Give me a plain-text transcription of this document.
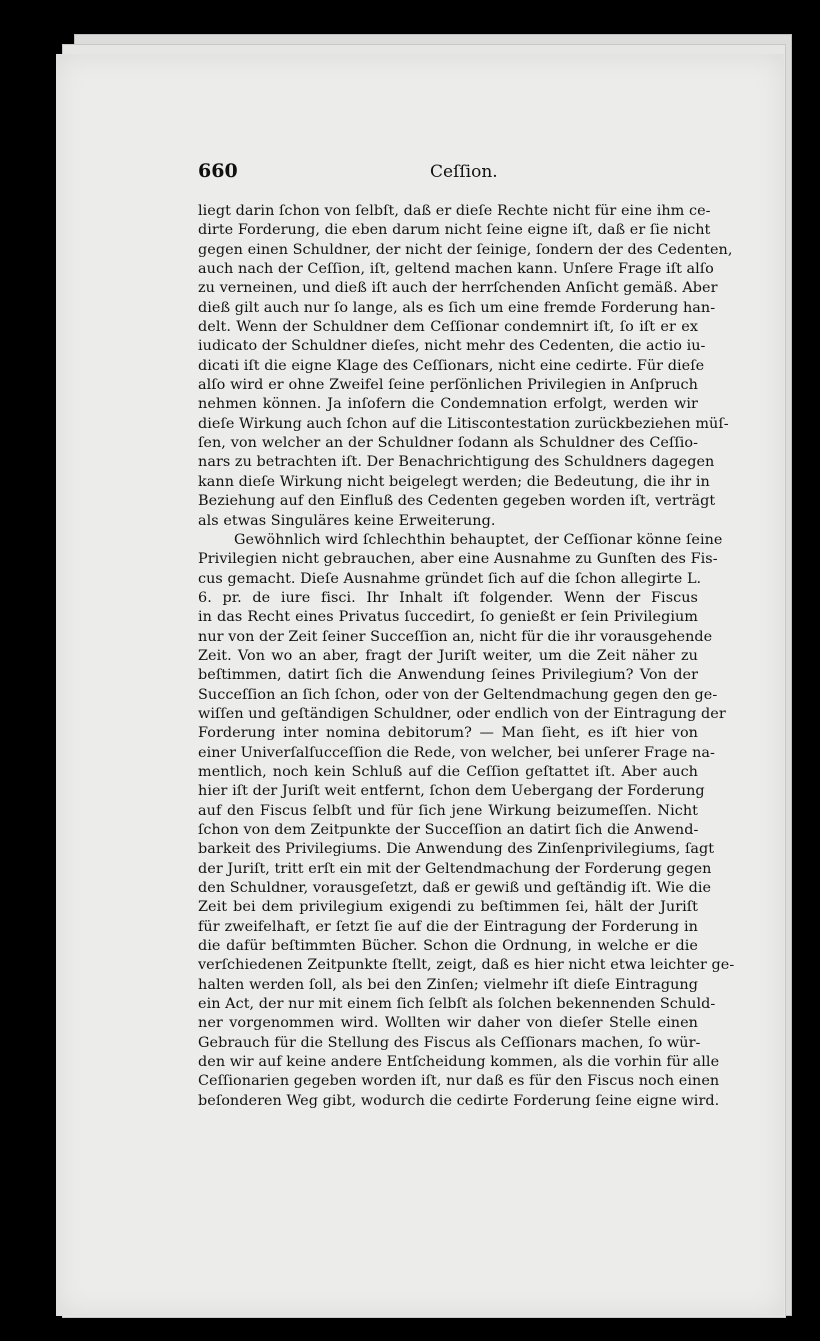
660	Ceſſion.
liegt darin ſchon von ſelbſt, daß er dieſe Rechte nicht für eine ihm ce-
dirte Forderung, die eben darum nicht ſeine eigne iſt, daß er ſie nicht
gegen einen Schuldner, der nicht der ſeinige, ſondern der des Cedenten,
auch nach der Ceſſion, iſt, geltend machen kann. Unſere Frage iſt alſo
zu verneinen, und dieß iſt auch der herrſchenden Anſicht gemäß. Aber
dieß gilt auch nur ſo lange, als es ſich um eine fremde Forderung han-
delt. Wenn der Schuldner dem Ceſſionar condemnirt iſt, ſo iſt er ex
iudicato der Schuldner dieſes, nicht mehr des Cedenten, die actio iu-
dicati iſt die eigne Klage des Ceſſionars, nicht eine cedirte. Für dieſe
alſo wird er ohne Zweifel ſeine perſönlichen Privilegien in Anſpruch
nehmen können. Ja inſofern die Condemnation erfolgt, werden wir
dieſe Wirkung auch ſchon auf die Litiscontestation zurückbeziehen müſ-
ſen, von welcher an der Schuldner ſodann als Schuldner des Ceſſio-
nars zu betrachten iſt. Der Benachrichtigung des Schuldners dagegen
kann dieſe Wirkung nicht beigelegt werden; die Bedeutung, die ihr in
Beziehung auf den Einfluß des Cedenten gegeben worden iſt, verträgt
als etwas Singuläres keine Erweiterung.
Gewöhnlich wird ſchlechthin behauptet, der Ceſſionar könne ſeine
Privilegien nicht gebrauchen, aber eine Ausnahme zu Gunſten des Fis-
cus gemacht. Dieſe Ausnahme gründet ſich auf die ſchon allegirte L.
6. pr. de iure fisci. Ihr Inhalt iſt folgender. Wenn der Fiscus
in das Recht eines Privatus ſuccedirt, ſo genießt er ſein Privilegium
nur von der Zeit ſeiner Succeſſion an, nicht für die ihr vorausgehende
Zeit. Von wo an aber, fragt der Juriſt weiter, um die Zeit näher zu
beſtimmen, datirt ſich die Anwendung ſeines Privilegium? Von der
Succeſſion an ſich ſchon, oder von der Geltendmachung gegen den ge-
wiſſen und geſtändigen Schuldner, oder endlich von der Eintragung der
Forderung inter nomina debitorum? — Man ſieht, es iſt hier von
einer Univerſalſucceſſion die Rede, von welcher, bei unſerer Frage na-
mentlich, noch kein Schluß auf die Ceſſion geſtattet iſt. Aber auch
hier iſt der Juriſt weit entfernt, ſchon dem Uebergang der Forderung
auf den Fiscus ſelbſt und für ſich jene Wirkung beizumeſſen. Nicht
ſchon von dem Zeitpunkte der Succeſſion an datirt ſich die Anwend-
barkeit des Privilegiums. Die Anwendung des Zinſenprivilegiums, ſagt
der Juriſt, tritt erſt ein mit der Geltendmachung der Forderung gegen
den Schuldner, vorausgeſetzt, daß er gewiß und geſtändig iſt. Wie die
Zeit bei dem privilegium exigendi zu beſtimmen ſei, hält der Juriſt
für zweifelhaft, er ſetzt ſie auf die der Eintragung der Forderung in
die dafür beſtimmten Bücher. Schon die Ordnung, in welche er die
verſchiedenen Zeitpunkte ſtellt, zeigt, daß es hier nicht etwa leichter ge-
halten werden ſoll, als bei den Zinſen; vielmehr iſt dieſe Eintragung
ein Act, der nur mit einem ſich ſelbſt als ſolchen bekennenden Schuld-
ner vorgenommen wird. Wollten wir daher von dieſer Stelle einen
Gebrauch für die Stellung des Fiscus als Ceſſionars machen, ſo wür-
den wir auf keine andere Entſcheidung kommen, als die vorhin für alle
Ceſſionarien gegeben worden iſt, nur daß es für den Fiscus noch einen
beſonderen Weg gibt, wodurch die cedirte Forderung ſeine eigne wird.
